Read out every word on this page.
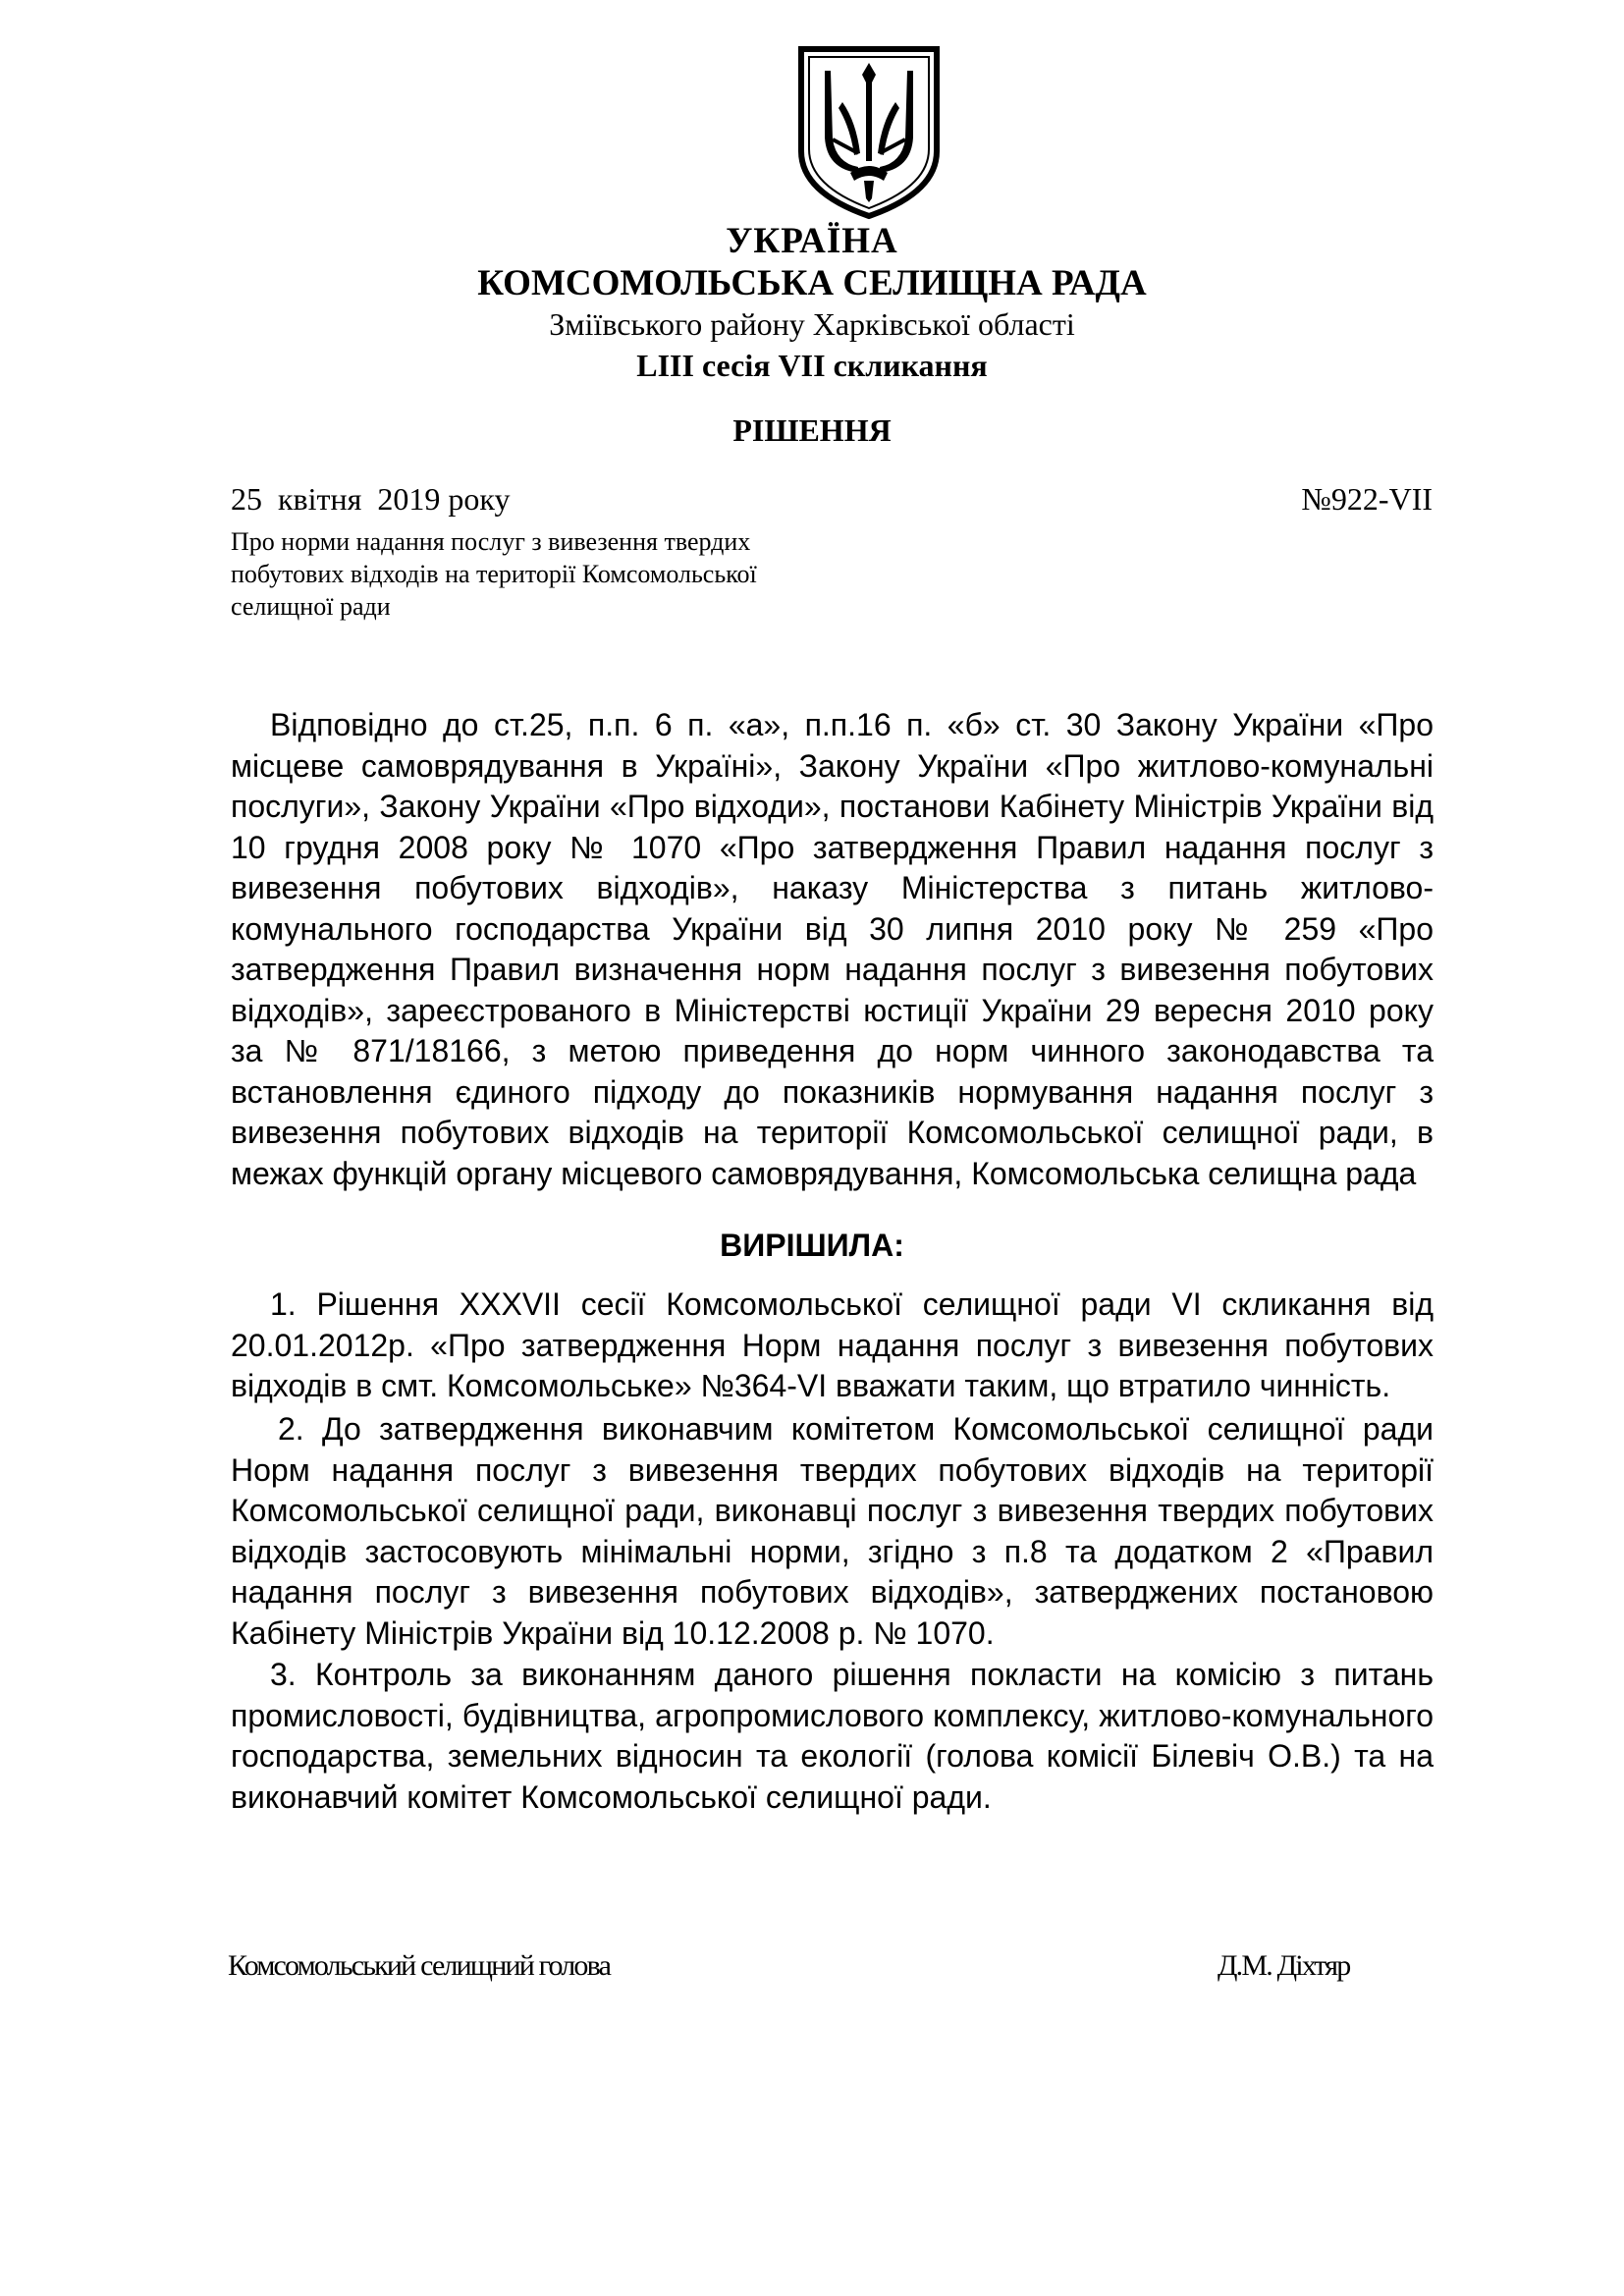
УКРАЇНА
КОМСОМОЛЬСЬКА СЕЛИЩНА РАДА
Зміївського району Харківської області
LIII сесія VII скликання
РІШЕННЯ
25  квітня  2019 року	№922-VII
Про норми надання послуг з вивезення твердих
побутових відходів на території Комсомольської
селищної ради
Відповідно до ст.25, п.п. 6 п. «а», п.п.16 п. «б» ст. 30 Закону України «Про місцеве самоврядування в Україні», Закону України «Про житлово-комунальні послуги», Закону України «Про відходи», постанови Кабінету Міністрів України від 10 грудня 2008 року № 1070 «Про затвердження Правил надання послуг з вивезення побутових відходів», наказу Міністерства з питань житлово-комунального господарства України від 30 липня 2010 року № 259 «Про затвердження Правил визначення норм надання послуг з вивезення побутових відходів», зареєстрованого в Міністерстві юстиції України 29 вересня 2010 року за № 871/18166, з метою приведення до норм чинного законодавства та встановлення єдиного підходу до показників нормування надання послуг з вивезення побутових відходів на території Комсомольської селищної ради, в межах функцій органу місцевого самоврядування, Комсомольська селищна рада
ВИРІШИЛА:
1. Рішення XXXVII сесії Комсомольської селищної ради VI скликання від 20.01.2012р. «Про затвердження Норм надання послуг з вивезення побутових відходів в смт. Комсомольське» №364-VI вважати таким, що втратило чинність.
2. До затвердження виконавчим комітетом Комсомольської селищної ради Норм надання послуг з вивезення твердих побутових відходів на території Комсомольської селищної ради, виконавці послуг з вивезення твердих побутових відходів застосовують мінімальні норми, згідно з п.8 та додатком 2 «Правил надання послуг з вивезення побутових відходів», затверджених постановою Кабінету Міністрів України від 10.12.2008 р. № 1070.
3. Контроль за виконанням даного рішення покласти на комісію з питань промисловості, будівництва, агропромислового комплексу, житлово-комунального господарства, земельних відносин та екології (голова комісії Білевіч О.В.) та на виконавчий комітет Комсомольської селищної ради.
Комсомольський селищний голова	Д.М. Діхтяр
